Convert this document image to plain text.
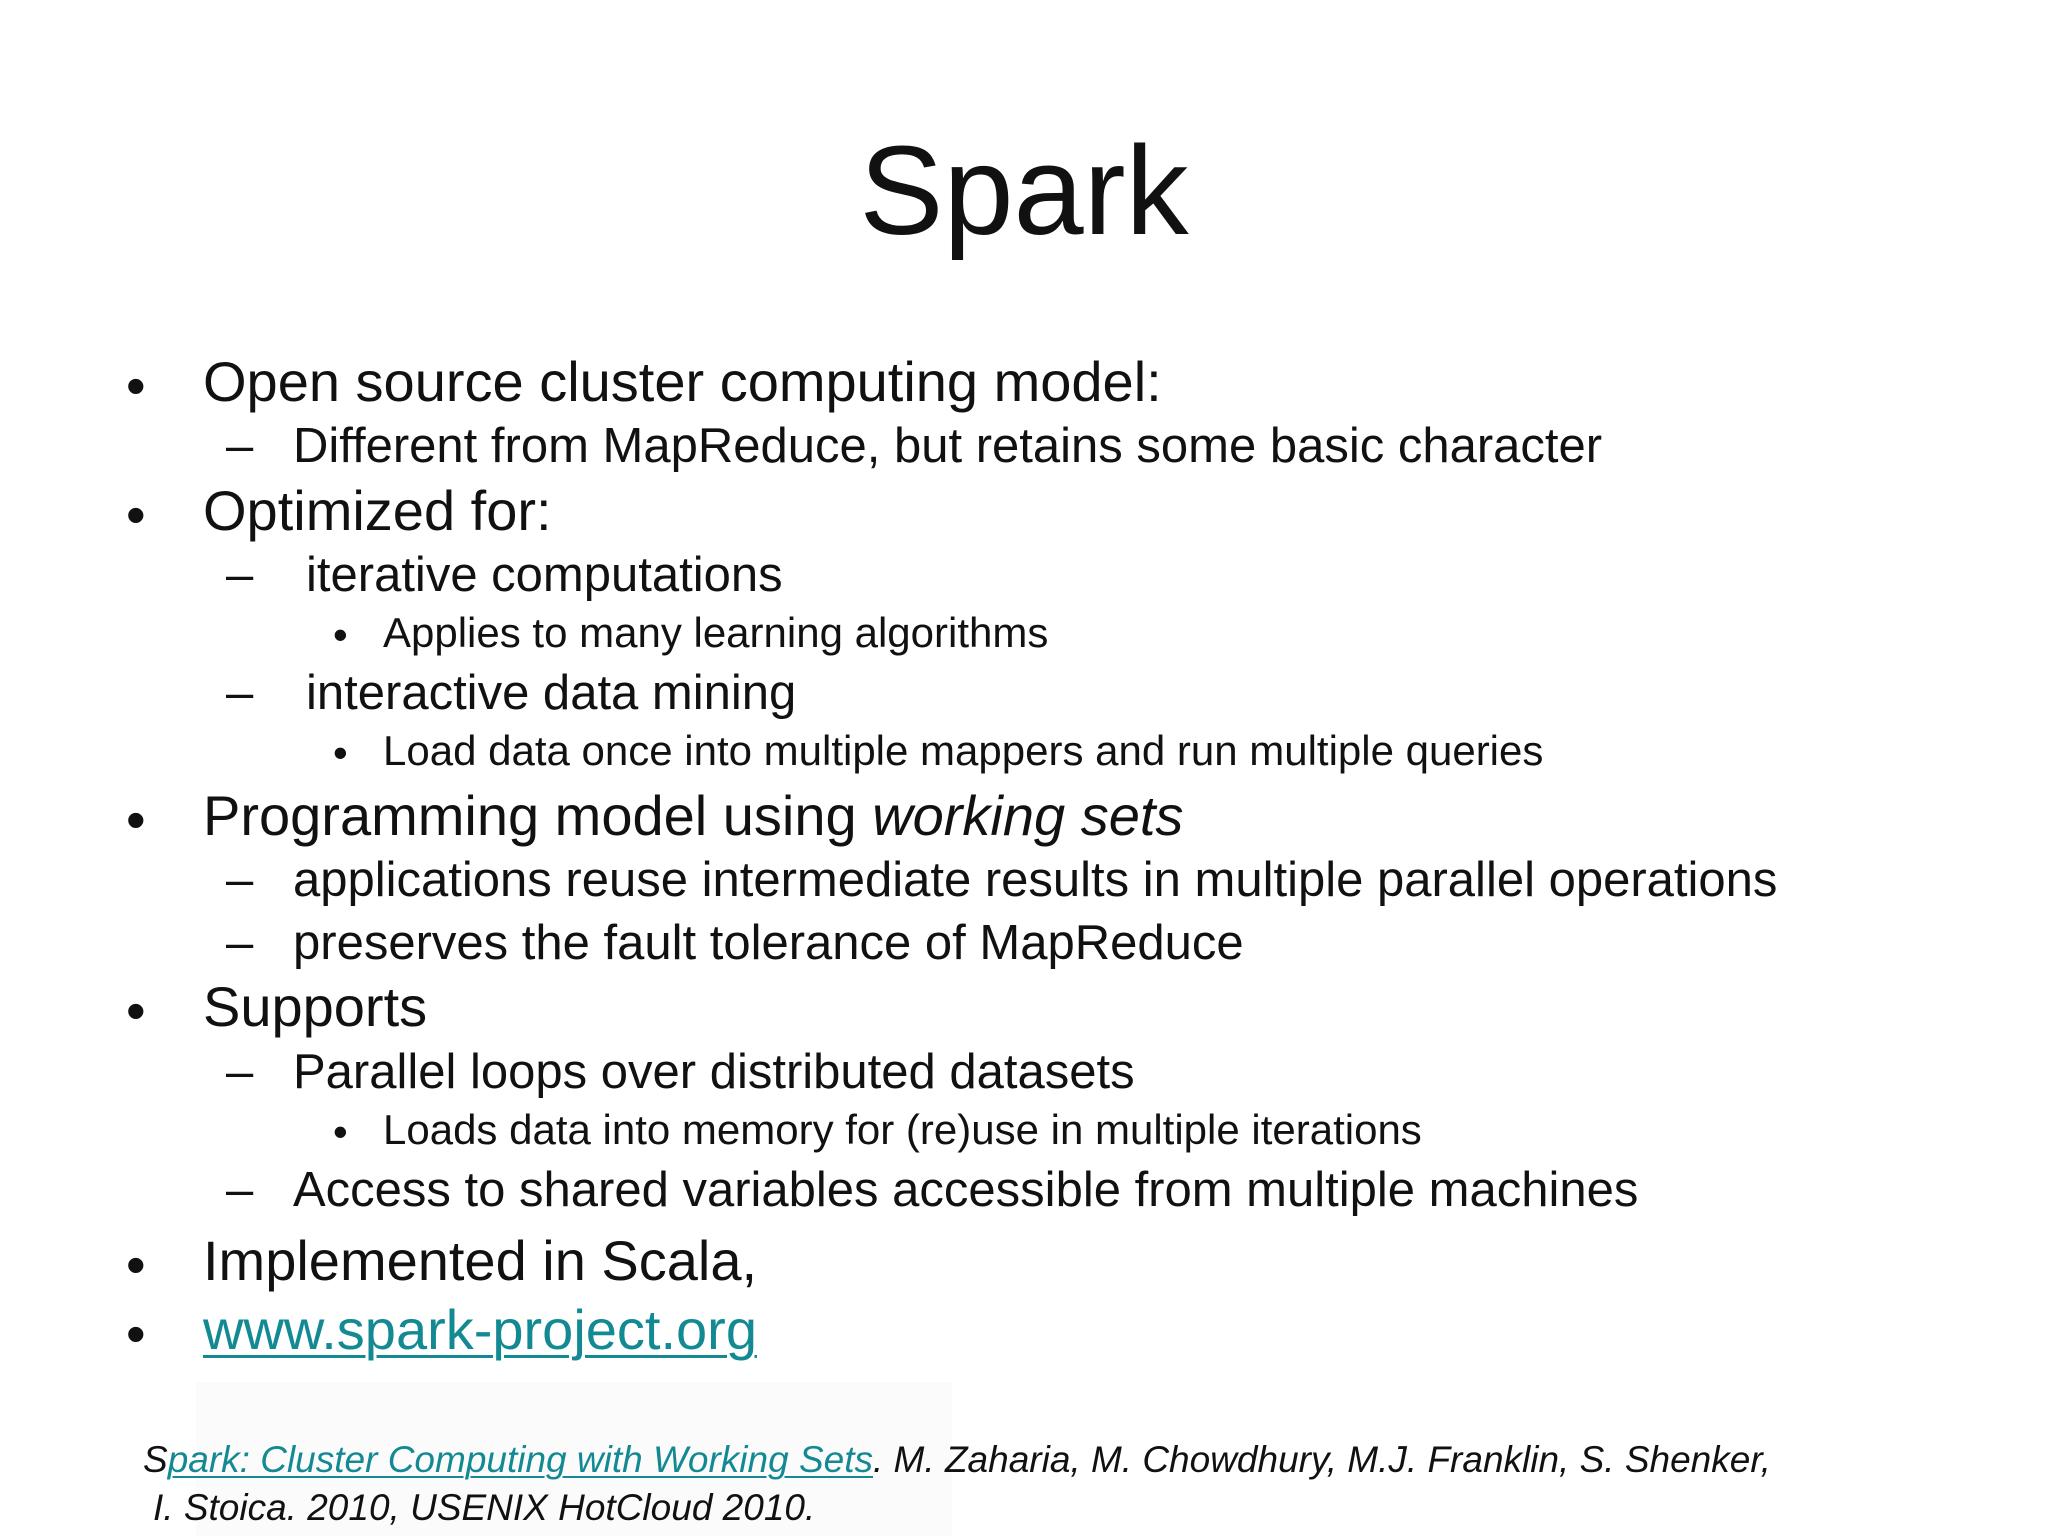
Spark
• Open source cluster computing model:
– Different from MapReduce, but retains some basic character
• Optimized for:
– iterative computations
• Applies to many learning algorithms
– interactive data mining
• Load data once into multiple mappers and run multiple queries
• Programming model using working sets
– applications reuse intermediate results in multiple parallel operations
– preserves the fault tolerance of MapReduce
• Supports
– Parallel loops over distributed datasets
• Loads data into memory for (re)use in multiple iterations
– Access to shared variables accessible from multiple machines
• Implemented in Scala,
• www.spark-project.org
Spark: Cluster Computing with Working Sets. M. Zaharia, M. Chowdhury, M.J. Franklin, S. Shenker,
I. Stoica. 2010, USENIX HotCloud 2010.
